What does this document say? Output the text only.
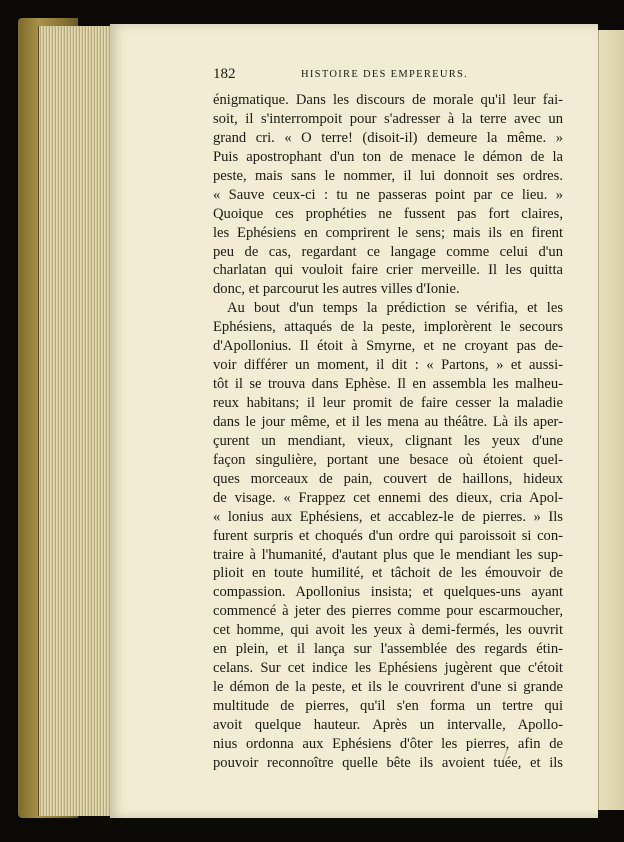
182	HISTOIRE DES EMPEREURS.
énigmatique. Dans les discours de morale qu'il leur fai-
soit, il s'interrompoit pour s'adresser à la terre avec un
grand cri. « O terre! (disoit-il) demeure la même. »
Puis apostrophant d'un ton de menace le démon de la
peste, mais sans le nommer, il lui donnoit ses ordres.
« Sauve ceux-ci : tu ne passeras point par ce lieu. »
Quoique ces prophéties ne fussent pas fort claires,
les Ephésiens en comprirent le sens; mais ils en firent
peu de cas, regardant ce langage comme celui d'un
charlatan qui vouloit faire crier merveille. Il les quitta
donc, et parcourut les autres villes d'Ionie.
Au bout d'un temps la prédiction se vérifia, et les
Ephésiens, attaqués de la peste, implorèrent le secours
d'Apollonius. Il étoit à Smyrne, et ne croyant pas de-
voir différer un moment, il dit : « Partons, » et aussi-
tôt il se trouva dans Ephèse. Il en assembla les malheu-
reux habitans; il leur promit de faire cesser la maladie
dans le jour même, et il les mena au théâtre. Là ils aper-
çurent un mendiant, vieux, clignant les yeux d'une
façon singulière, portant une besace où étoient quel-
ques morceaux de pain, couvert de haillons, hideux
de visage. « Frappez cet ennemi des dieux, cria Apol-
« lonius aux Ephésiens, et accablez-le de pierres. » Ils
furent surpris et choqués d'un ordre qui paroissoit si con-
traire à l'humanité, d'autant plus que le mendiant les sup-
plioit en toute humilité, et tâchoit de les émouvoir de
compassion. Apollonius insista; et quelques-uns ayant
commencé à jeter des pierres comme pour escarmoucher,
cet homme, qui avoit les yeux à demi-fermés, les ouvrit
en plein, et il lança sur l'assemblée des regards étin-
celans. Sur cet indice les Ephésiens jugèrent que c'étoit
le démon de la peste, et ils le couvrirent d'une si grande
multitude de pierres, qu'il s'en forma un tertre qui
avoit quelque hauteur. Après un intervalle, Apollo-
nius ordonna aux Ephésiens d'ôter les pierres, afin de
pouvoir reconnoître quelle bête ils avoient tuée, et ils
